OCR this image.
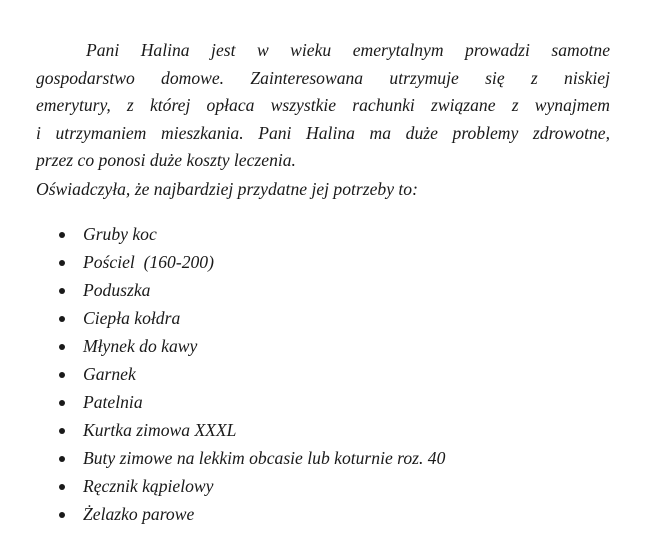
Pani Halina jest w wieku emerytalnym prowadzi samotne
gospodarstwo domowe. Zainteresowana utrzymuje się z niskiej
emerytury, z której opłaca wszystkie rachunki związane z wynajmem
i utrzymaniem mieszkania. Pani Halina ma duże problemy zdrowotne,
przez co ponosi duże koszty leczenia.

Oświadczyła, że najbardziej przydatne jej potrzeby to:

Gruby koc
Pościel  (160-200)
Poduszka
Ciepła kołdra
Młynek do kawy
Garnek
Patelnia
Kurtka zimowa XXXL
Buty zimowe na lekkim obcasie lub koturnie roz. 40
Ręcznik kąpielowy
Żelazko parowe
